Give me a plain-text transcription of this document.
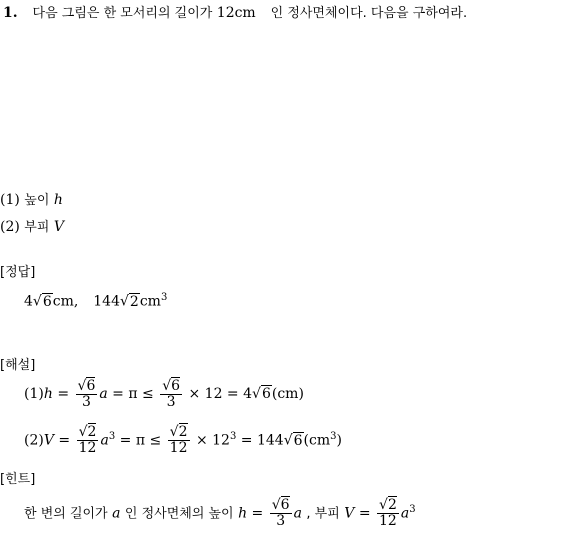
1. 다음 그림은 한 모서리의 길이가 12cm 인 정사면체이다. 다음을 구하여라.
(1) 높이 h
(2) 부피 V
[정답]
4√6cm, $144√2cm^3$
[해설]
$(1)h = \frac{√6}{3}$ $a = \pi \le \frac{√6}{3} \times 12 = 4√6(cm)$
$(2)V = \frac{√2}{12} a^3 = \pi \le \frac{√2}{12} \times 12^3 = 144√6(cm^3)$
[힌트]
한 변의 길이가 a 인 정사면체의 높이 $h = \frac{√6}{3}$ a , 부피 $V = \frac{√2}{12} a^3$
